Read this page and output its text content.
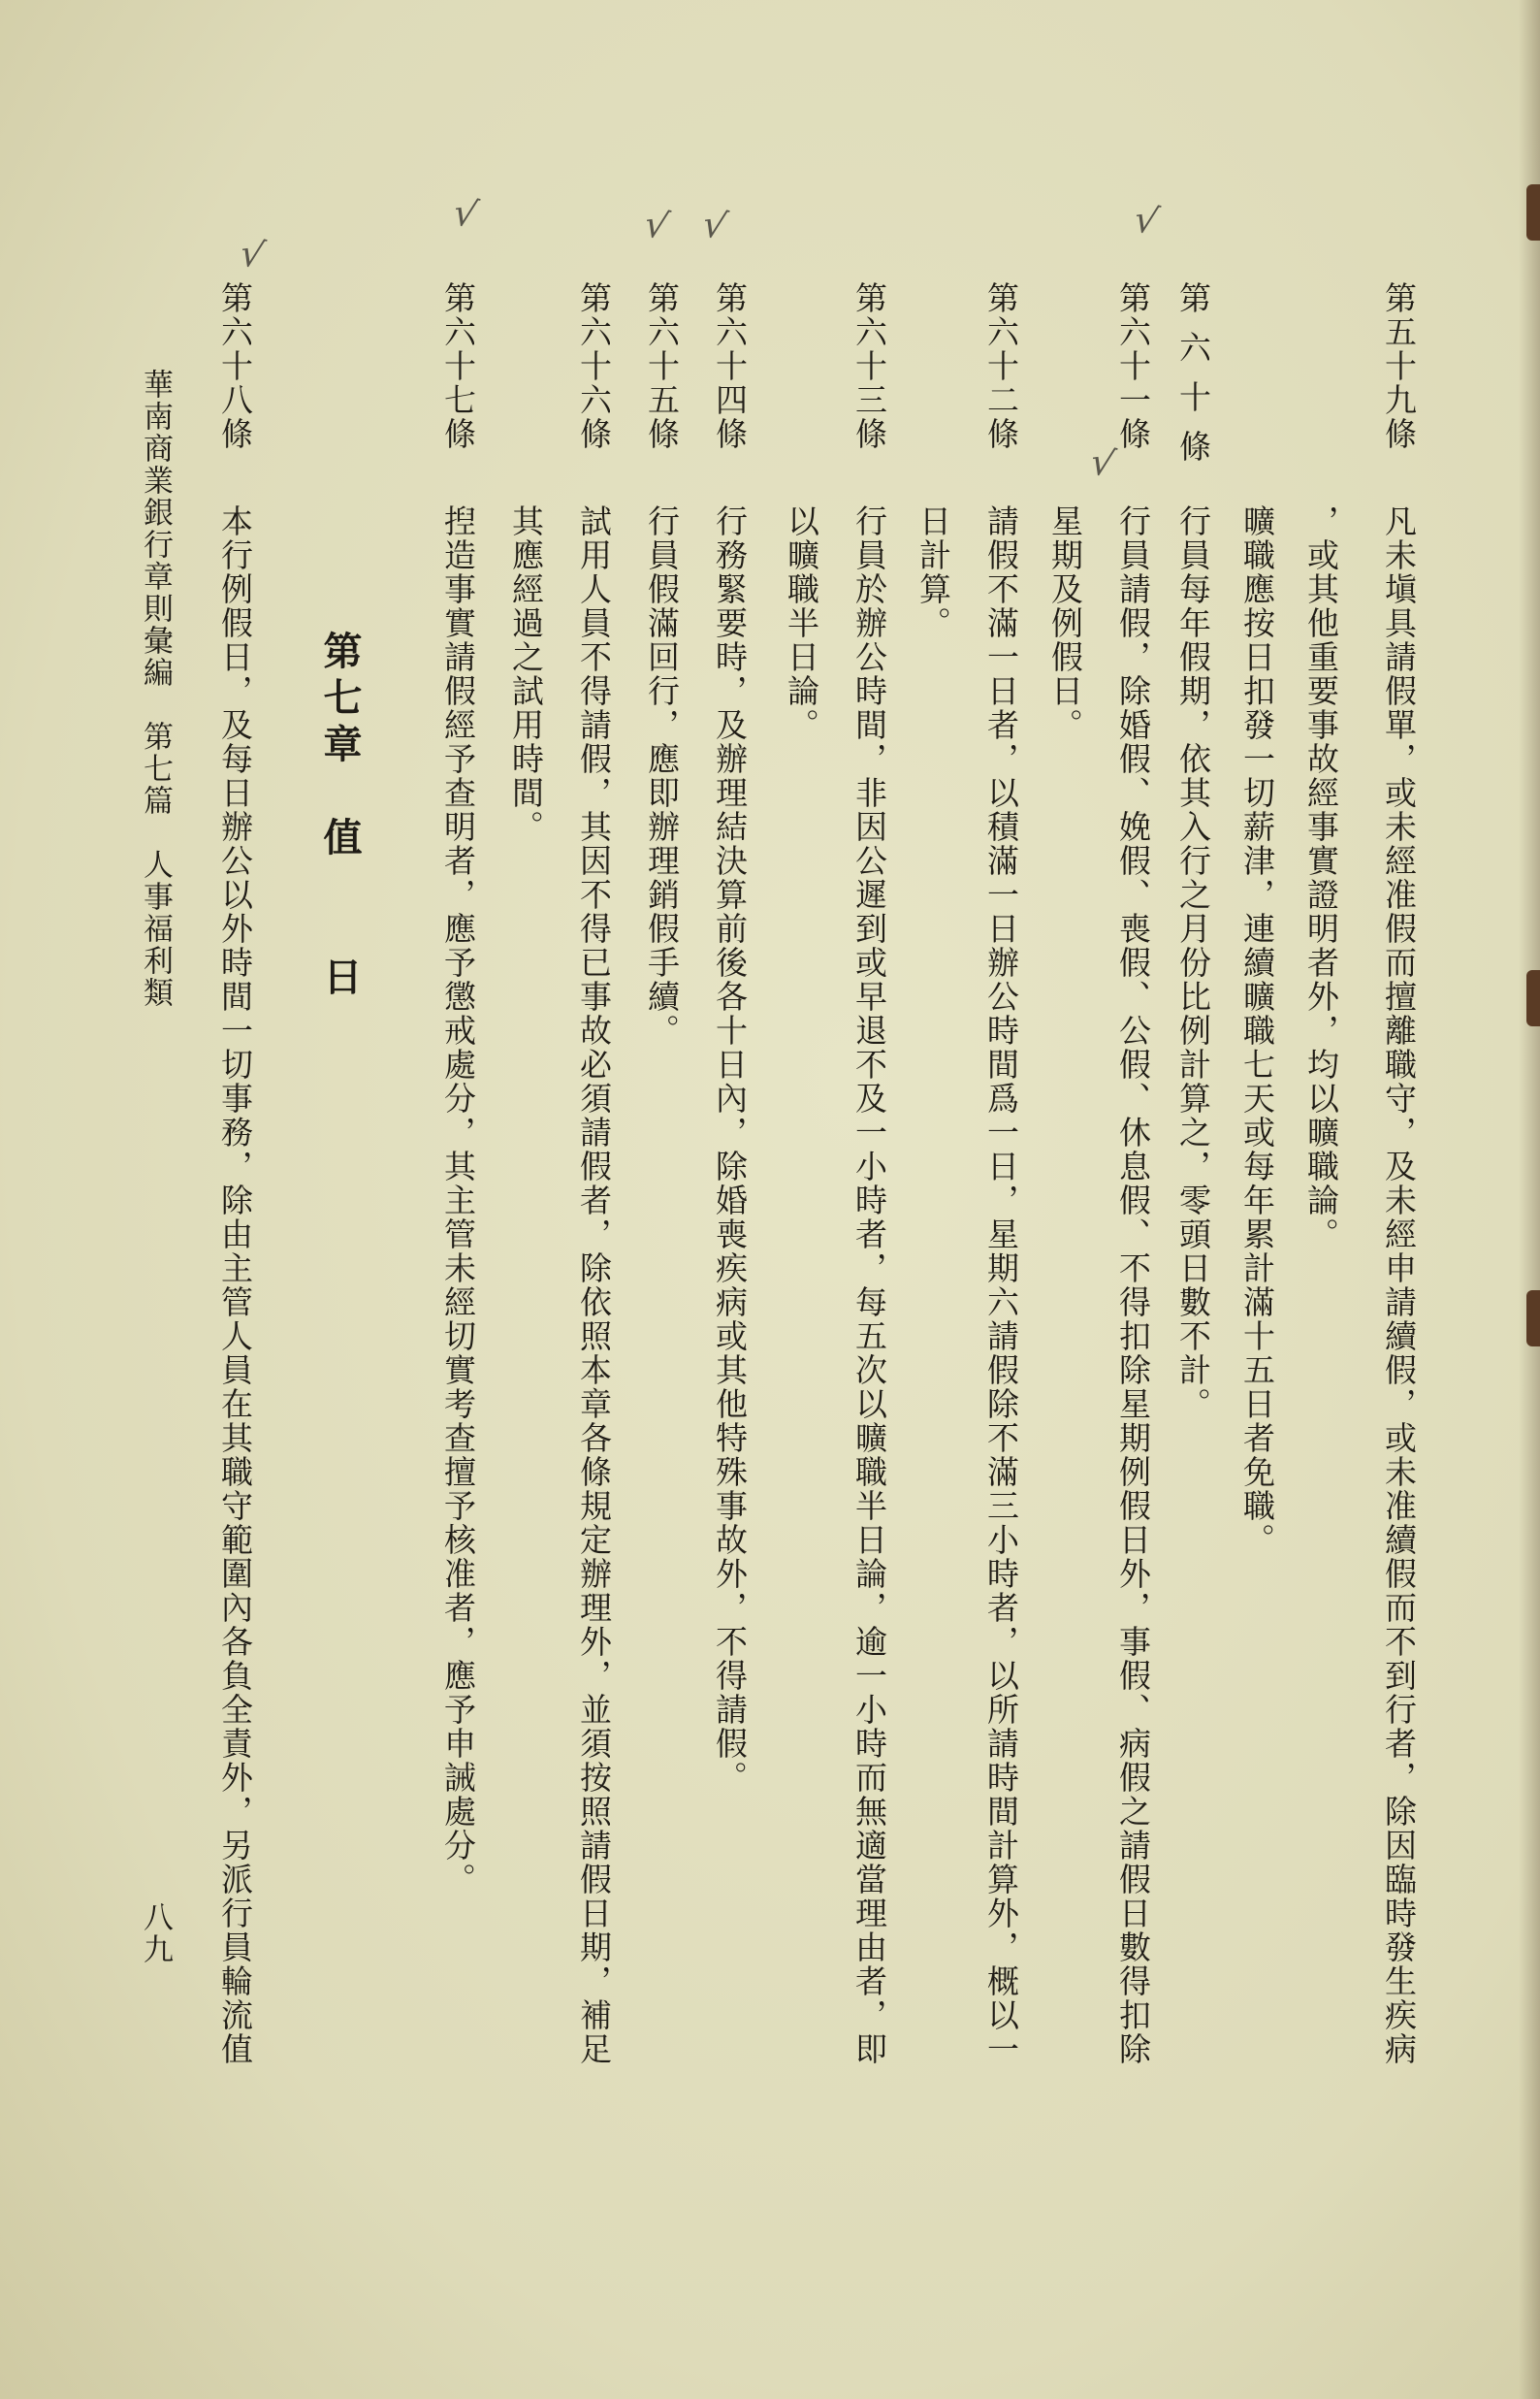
√
√
√	√ √
√
第五十九條
凡未塡具請假單，或未經准假而擅離職守，及未經申請續假，或未准續假而不到行者，除因臨時發生疾病
，或其他重要事故經事實證明者外，均以曠職論。
第六十條
曠職應按日扣發一切薪津，連續曠職七天或每年累計滿十五日者免職。
第六十一條
行員每年假期，依其入行之月份比例計算之，零頭日數不計。
行員請假，除婚假、娩假、喪假、公假、休息假、不得扣除星期例假日外，事假、病假之請假日數得扣除
星期及例假日。
第六十二條
請假不滿一日者，以積滿一日辦公時間爲一日，星期六請假除不滿三小時者，以所請時間計算外，概以一
日計算。
第六十三條
行員於辦公時間，非因公遲到或早退不及一小時者，每五次以曠職半日論，逾一小時而無適當理由者，即
以曠職半日論。
第六十四條
行務緊要時，及辦理結決算前後各十日內，除婚喪疾病或其他特殊事故外，不得請假。
第六十五條
行員假滿回行，應即辦理銷假手續。
第六十六條
試用人員不得請假，其因不得已事故必須請假者，除依照本章各條規定辦理外，並須按照請假日期，補足
其應經過之試用時間。
第六十七條
揑造事實請假經予查明者，應予懲戒處分，其主管未經切實考查擅予核准者，應予申誡處分。
第七章　值　　日
第六十八條
本行例假日，及每日辦公以外時間一切事務，除由主管人員在其職守範圍內各負全責外，另派行員輪流值
華南商業銀行章則彙編　第七篇　人事福利類
八九
